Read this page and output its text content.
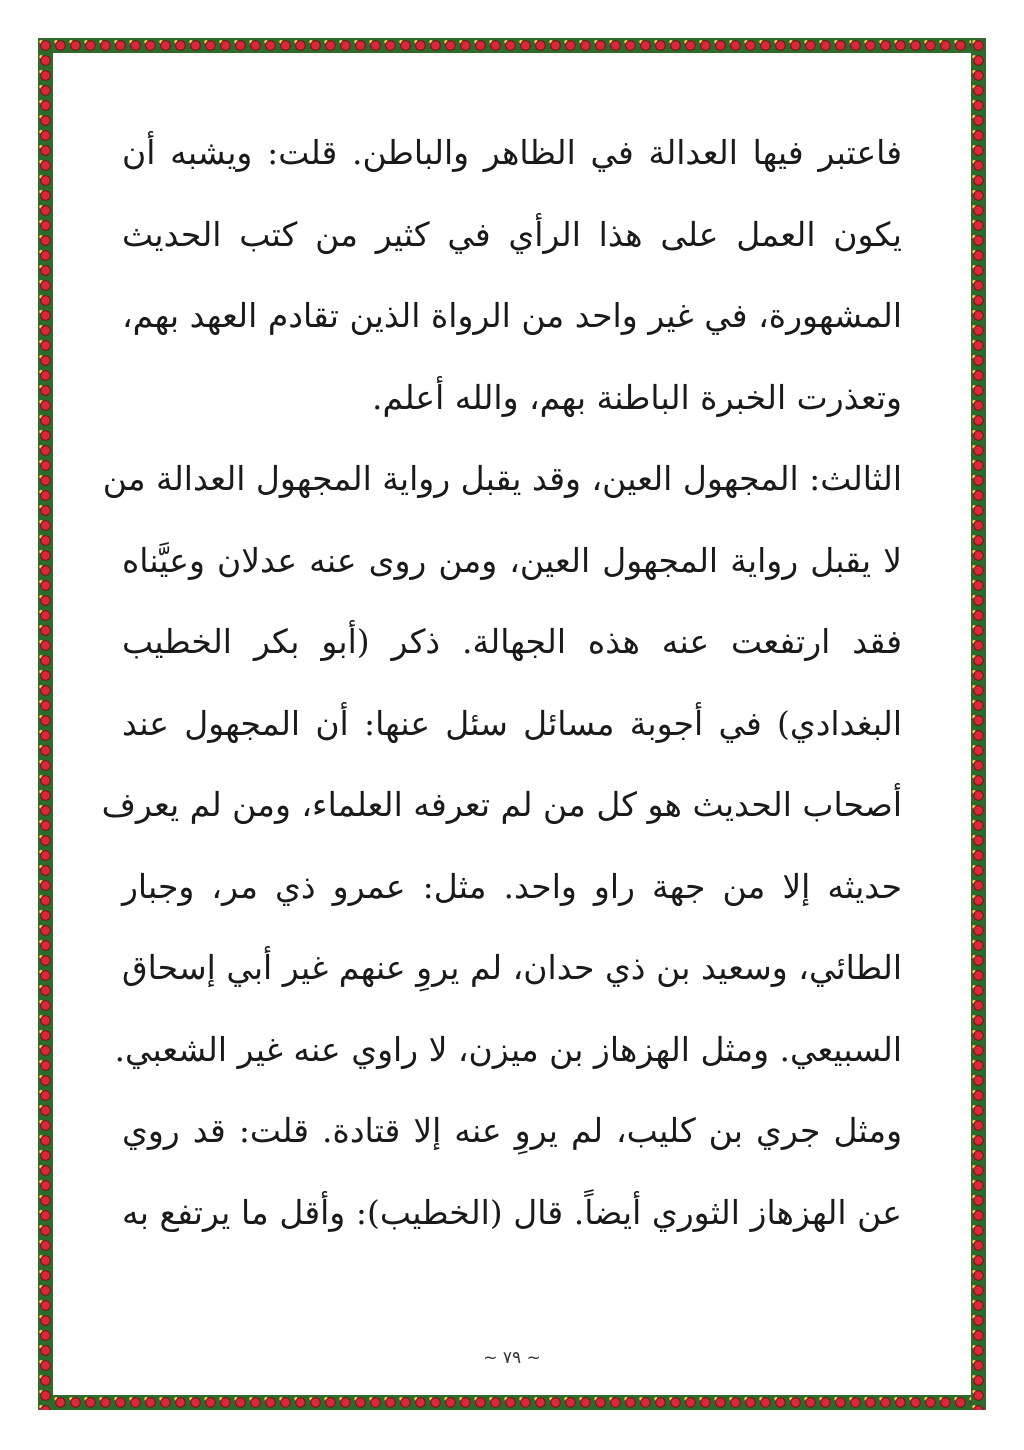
فاعتبر فيها العدالة في الظاهر والباطن. قلت: ويشبه أن
يكون العمل على هذا الرأي في كثير من كتب الحديث
المشهورة، في غير واحد من الرواة الذين تقادم العهد بهم،
وتعذرت الخبرة الباطنة بهم، والله أعلم.
الثالث: المجهول العين، وقد يقبل رواية المجهول العدالة من
لا يقبل رواية المجهول العين، ومن روى عنه عدلان وعيَّناه
فقد ارتفعت عنه هذه الجهالة. ذكر (أبو بكر الخطيب
البغدادي) في أجوبة مسائل سئل عنها: أن المجهول عند
أصحاب الحديث هو كل من لم تعرفه العلماء، ومن لم يعرف
حديثه إلا من جهة راو واحد. مثل: عمرو ذي مر، وجبار
الطائي، وسعيد بن ذي حدان، لم يروِ عنهم غير أبي إسحاق
السبيعي. ومثل الهزهاز بن ميزن، لا راوي عنه غير الشعبي.
ومثل جري بن كليب، لم يروِ عنه إلا قتادة. قلت: قد روي
عن الهزهاز الثوري أيضاً. قال (الخطيب): وأقل ما يرتفع به
~ ٧٩ ~
